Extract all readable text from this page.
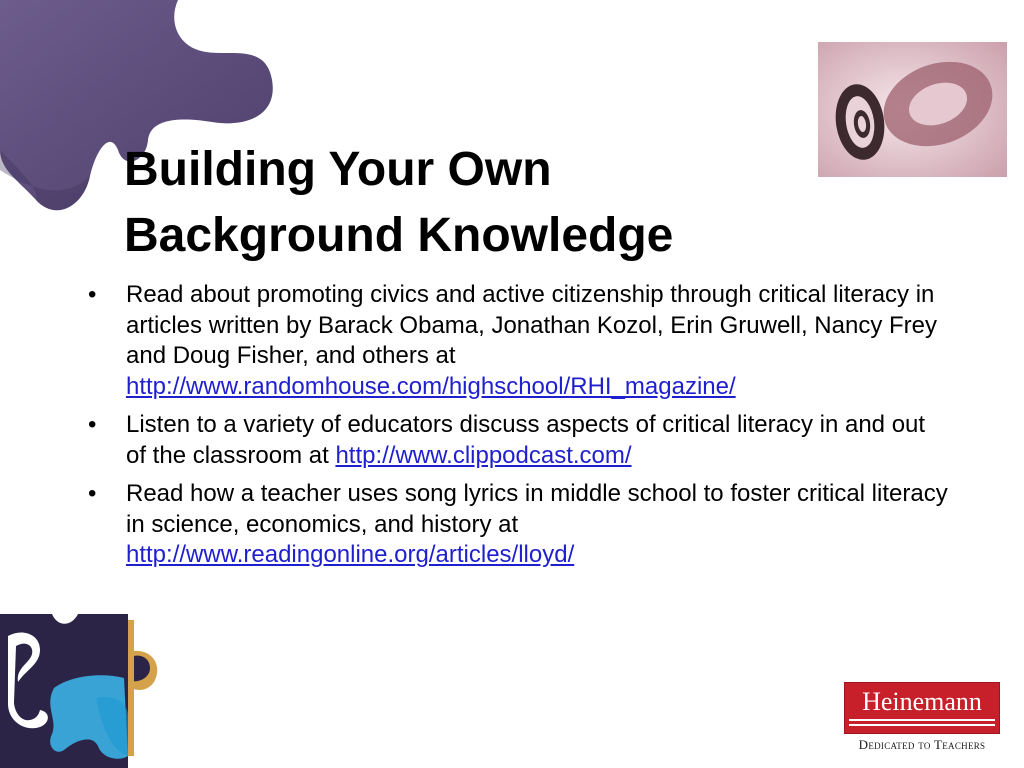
Building Your Own
Background Knowledge
• Read about promoting civics and active citizenship through critical literacy in articles written by Barack Obama, Jonathan Kozol, Erin Gruwell, Nancy Frey and Doug Fisher, and others at http://www.randomhouse.com/highschool/RHI_magazine/
• Listen to a variety of educators discuss aspects of critical literacy in and out of the classroom at http://www.clippodcast.com/
• Read how a teacher uses song lyrics in middle school to foster critical literacy in science, economics, and history at http://www.readingonline.org/articles/lloyd/
Heinemann
Dedicated to Teachers
